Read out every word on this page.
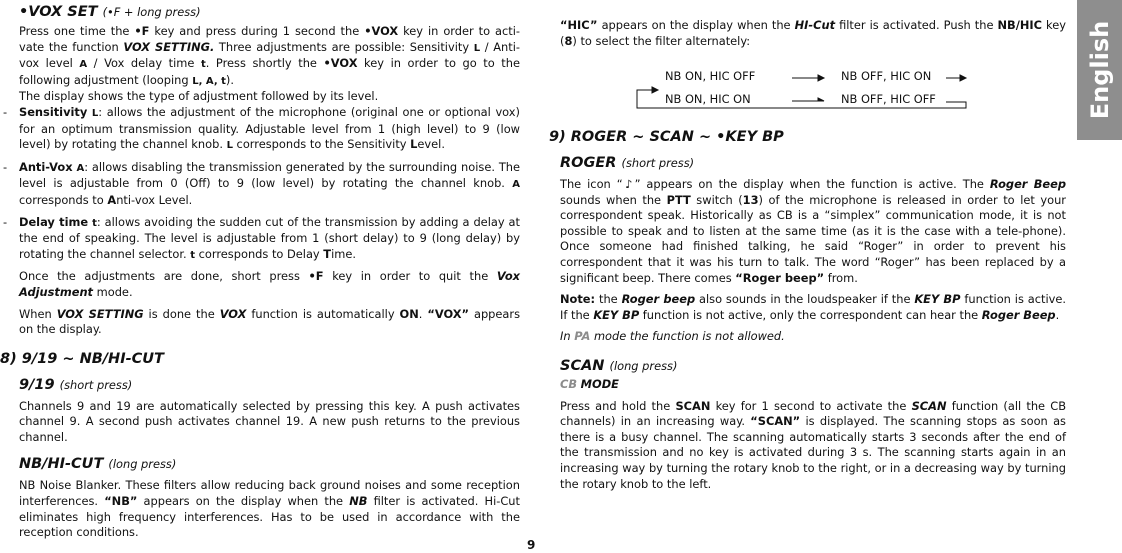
•VOX SET (•F + long press)

Press one time the •F key and press during 1 second the •VOX key in order to acti-vate the function VOX SETTING. Three adjustments are possible: Sensitivity L / Anti-vox level A / Vox delay time t. Press shortly the •VOX key in order to go to the following adjustment (looping L, A, t).

The display shows the type of adjustment followed by its level.

- Sensitivity L: allows the adjustment of the microphone (original one or optional vox) for an optimum transmission quality. Adjustable level from 1 (high level) to 9 (low level) by rotating the channel knob. L corresponds to the Sensitivity Level.

- Anti-Vox A: allows disabling the transmission generated by the surrounding noise. The level is adjustable from 0 (Off) to 9 (low level) by rotating the channel knob. A corresponds to Anti-vox Level.

- Delay time t: allows avoiding the sudden cut of the transmission by adding a delay at the end of speaking. The level is adjustable from 1 (short delay) to 9 (long delay) by rotating the channel selector. t corresponds to Delay Time.

Once the adjustments are done, short press •F key in order to quit the Vox Adjustment mode.

When VOX SETTING is done the VOX function is automatically ON. “VOX” appears on the display.

8) 9/19 ~ NB/HI-CUT
9/19 (short press)

Channels 9 and 19 are automatically selected by pressing this key. A push activates channel 9. A second push activates channel 19. A new push returns to the previous channel.

NB/HI-CUT (long press)

NB Noise Blanker. These filters allow reducing back ground noises and some reception interferences. “NB” appears on the display when the NB filter is activated. Hi-Cut eliminates high frequency interferences. Has to be used in accordance with the reception conditions.

“HIC” appears on the display when the HI-Cut filter is activated. Push the NB/HIC key (8) to select the filter alternately:

NB ON, HIC OFF	NB OFF, HIC ON
NB ON, HIC ON	NB OFF, HIC OFF
9) ROGER ~ SCAN ~ •KEY BP
ROGER (short press)

The icon “♪” appears on the display when the function is active. The Roger Beep sounds when the PTT switch (13) of the microphone is released in order to let your correspondent speak. Historically as CB is a “simplex” communication mode, it is not possible to speak and to listen at the same time (as it is the case with a tele-phone). Once someone had finished talking, he said “Roger” in order to prevent his correspondent that it was his turn to talk. The word “Roger” has been replaced by a significant beep. There comes “Roger beep” from.

Note: the Roger beep also sounds in the loudspeaker if the KEY BP function is active. If the KEY BP function is not active, only the correspondent can hear the Roger Beep.

In PA mode the function is not allowed.

SCAN (long press)
CB MODE

Press and hold the SCAN key for 1 second to activate the SCAN function (all the CB channels) in an increasing way. “SCAN” is displayed. The scanning stops as soon as there is a busy channel. The scanning automatically starts 3 seconds after the end of the transmission and no key is activated during 3 s. The scanning starts again in an increasing way by turning the rotary knob to the right, or in a decreasing way by turning the rotary knob to the left.

English
9
